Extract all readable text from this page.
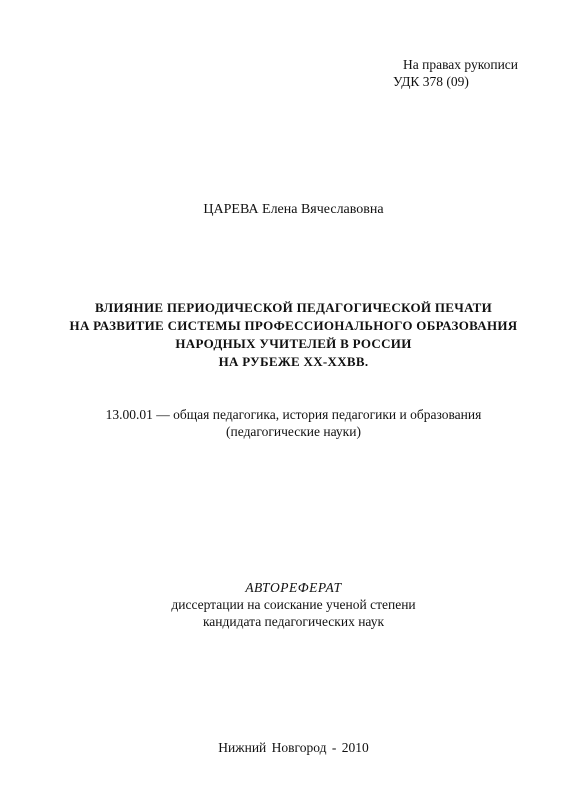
На правах рукописи
УДК 378 (09)
ЦАРЕВА Елена Вячеславовна
ВЛИЯНИЕ ПЕРИОДИЧЕСКОЙ ПЕДАГОГИЧЕСКОЙ ПЕЧАТИ
НА РАЗВИТИЕ СИСТЕМЫ ПРОФЕССИОНАЛЬНОГО ОБРАЗОВАНИЯ
НАРОДНЫХ УЧИТЕЛЕЙ В РОССИИ
НА РУБЕЖЕ ХХ-ХХВВ.
13.00.01 — общая педагогика, история педагогики и образования
(педагогические науки)
АВТОРЕФЕРАТ
диссертации на соискание ученой степени
кандидата педагогических наук
Нижний Новгород - 2010
